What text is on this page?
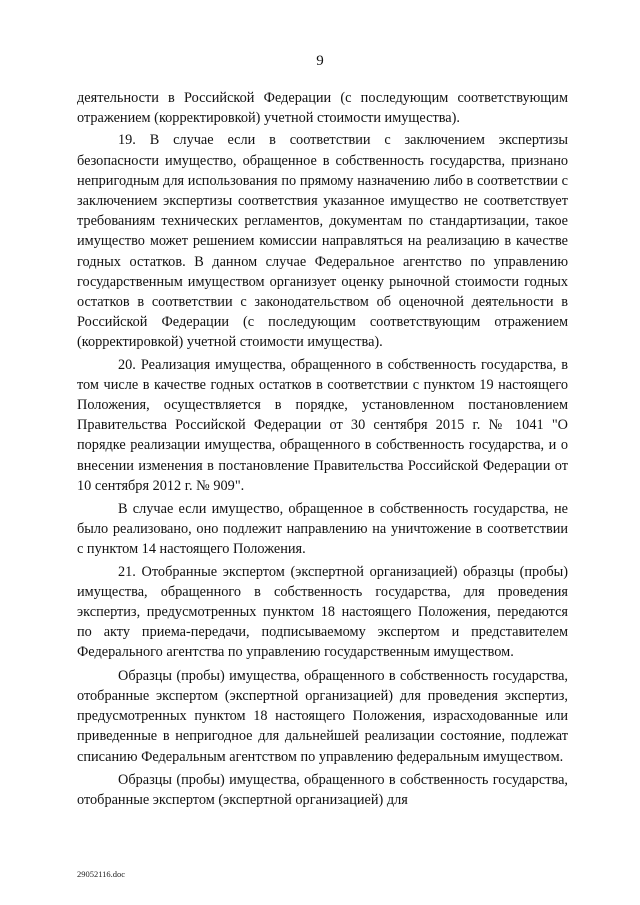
9

деятельности в Российской Федерации (с последующим соответствующим отражением (корректировкой) учетной стоимости имущества).

19. В случае если в соответствии с заключением экспертизы безопасности имущество, обращенное в собственность государства, признано непригодным для использования по прямому назначению либо в соответствии с заключением экспертизы соответствия указанное имущество не соответствует требованиям технических регламентов, документам по стандартизации, такое имущество может решением комиссии направляться на реализацию в качестве годных остатков. В данном случае Федеральное агентство по управлению государственным имуществом организует оценку рыночной стоимости годных остатков в соответствии с законодательством об оценочной деятельности в Российской Федерации (с последующим соответствующим отражением (корректировкой) учетной стоимости имущества).

20. Реализация имущества, обращенного в собственность государства, в том числе в качестве годных остатков в соответствии с пунктом 19 настоящего Положения, осуществляется в порядке, установленном постановлением Правительства Российской Федерации от 30 сентября 2015 г. № 1041 "О порядке реализации имущества, обращенного в собственность государства, и о внесении изменения в постановление Правительства Российской Федерации от 10 сентября 2012 г. № 909".

В случае если имущество, обращенное в собственность государства, не было реализовано, оно подлежит направлению на уничтожение в соответствии с пунктом 14 настоящего Положения.

21. Отобранные экспертом (экспертной организацией) образцы (пробы) имущества, обращенного в собственность государства, для проведения экспертиз, предусмотренных пунктом 18 настоящего Положения, передаются по акту приема-передачи, подписываемому экспертом и представителем Федерального агентства по управлению государственным имуществом.

Образцы (пробы) имущества, обращенного в собственность государства, отобранные экспертом (экспертной организацией) для проведения экспертиз, предусмотренных пунктом 18 настоящего Положения, израсходованные или приведенные в непригодное для дальнейшей реализации состояние, подлежат списанию Федеральным агентством по управлению федеральным имуществом.

Образцы (пробы) имущества, обращенного в собственность государства, отобранные экспертом (экспертной организацией) для

29052116.doc
